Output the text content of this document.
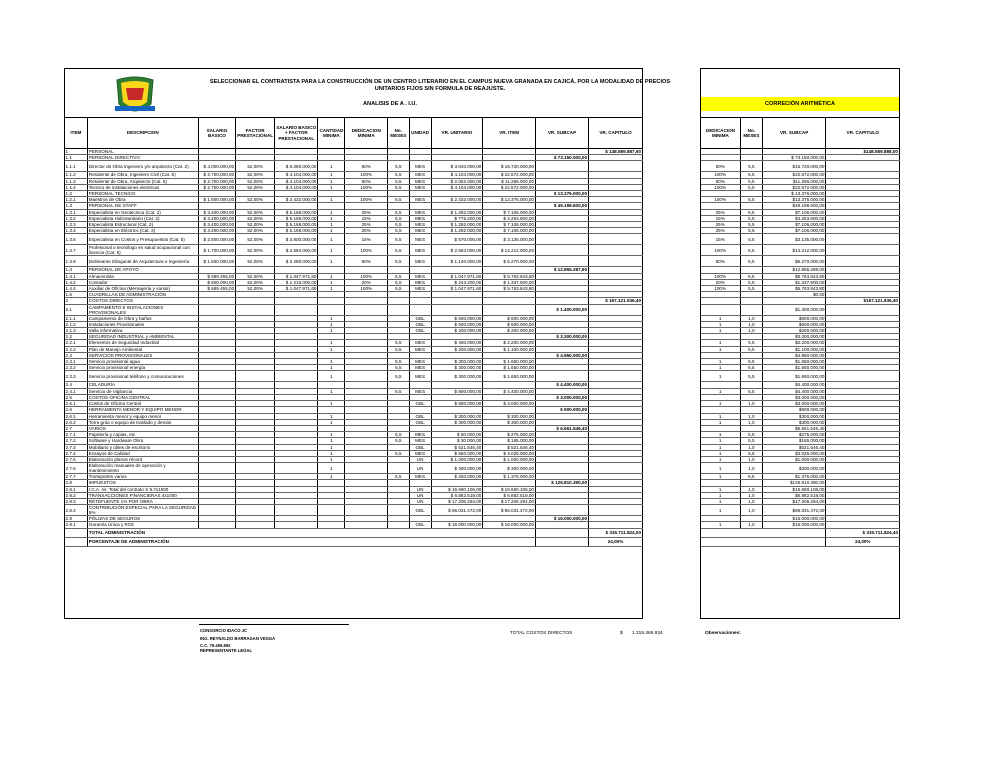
SELECCIONAR EL CONTRATISTA PARA LA CONSTRUCCIÓN DE UN CENTRO LITERARIO EN EL CAMPUS NUEVA GRANADA EN CAJICÁ, POR LA MODALIDAD DE PRECIOS UNITARIOS FIJOS SIN FORMULA DE REAJUSTE.
ANALISIS DE A . I.U.	CORRECIÓN ARITMÉTICA
ITEM	DESCRIPCION	SALARIO BASICO	FACTOR PRESTACIONAL	SALARIO BASICO + FACTOR PRESTACIONAL	CANTIDAD MINIMA	DEDICACION MINIMA	No. MESES	UNIDAD	VR. UNITARIO	VR. ITEM	VR. SUBCAP	VR. CAPITULO
1	PERSONAL											$ 148.589.887,60
1.1	PERSONAL DIRECTIVO										$ 73.150.000,00	
1.1.1	Director de Obra Ingeniero y/o arquitecto (Cat. 2)	$ 4.000.000,00	52,00%	$ 6.080.000,00	1	50%	5,5	MES	$ 3.040.000,00	$ 16.720.000,00		
1.1.2	Residente de Obra, Ingeniero Civil (Cat. 5)	$ 2.700.000,00	52,00%	$ 4.104.000,00	1	100%	5,5	MES	$ 4.104.000,00	$ 22.572.000,00		
1.1.3	Residente de Obra, Arquitecto (Cat. 5)	$ 2.700.000,00	52,00%	$ 4.104.000,00	1	50%	5,5	MES	$ 2.052.000,00	$ 11.286.000,00		
1.1.4	Tecnico de instalaciones electricas	$ 2.700.000,00	52,00%	$ 4.104.000,00	1	100%	5,5	MES	$ 4.104.000,00	$ 22.572.000,00		
1.2	PERSONAL TECNICO										$ 13.376.000,00	
1.2.1	Maestros de Obra	$ 1.600.000,00	52,00%	$ 2.432.000,00	1	100%	5,5	MES	$ 2.432.000,00	$ 13.376.000,00		
1.3	PERSONAL DE STAFF										$ 49.198.600,00	
1.3.1	Especialista en Geotecnica (Cat. 2)	$ 3.400.000,00	52,00%	$ 5.168.000,00	1	25%	5,5	MES	$ 1.292.000,00	$ 7.106.000,00		
1.3.2	Especialista Hidrosanitario (Cat. 2)	$ 3.400.000,00	52,00%	$ 5.168.000,00	1	15%	5,5	MES	$ 775.200,00	$ 4.263.600,00		
1.3.3	Especialista Estructural (Cat. 2)	$ 3.400.000,00	52,00%	$ 5.168.000,00	1	25%	5,5	MES	$ 1.292.000,00	$ 7.106.000,00		
1.3.4	Especialista en Eléctrico (Cat. 2)	$ 3.400.000,00	52,00%	$ 5.168.000,00	1	25%	5,5	MES	$ 1.292.000,00	$ 7.106.000,00		
1.3.6	Especialista en Costos y Presupuestos (Cat. 5)	$ 2.500.000,00	52,00%	$ 3.800.000,00	1	15%	5,5	MES	$ 570.000,00	$ 3.135.000,00		
1.3.7	Profesional o tecnólogo en salud ocupacional con licencia (Cat. 5)	$ 1.700.000,00	52,00%	$ 2.584.000,00	1	100%	5,5	MES	$ 2.584.000,00	$ 14.212.000,00		
1.3.8	Delineante Dibujante de Arquitectura e Ingeniería	$ 1.500.000,00	52,00%	$ 2.280.000,00	1	50%	5,5	MES	$ 1.140.000,00	$ 6.270.000,00		
1.4	PERSONAL DE APOYO										$ 12.865.287,60	
1.4.1	Almacenista	$ 689.455,00	52,00%	$ 1.047.971,60	1	100%	5,5	MES	$ 1.047.971,60	$ 5.763.843,80		
1.4.2	Contador	$ 800.000,00	52,00%	$ 1.216.000,00	1	20%	5,5	MES	$ 243.200,00	$ 1.337.600,00		
1.4.4	Auxiliar de Oficina (Mensajería y varios)	$ 689.455,00	52,00%	$ 1.047.971,60	1	100%	5,5	MES	$ 1.047.971,60	$ 5.763.843,80		
1.5	CUADRILLAS DE ADMINISTRACIÓN											
2	COSTOS DIRECTOS											$ 167.121.936,40
2.1	CAMPAMENTO E INSTALACIONES PROVISIONALES										$ 1.400.000,00	
2.1.1	Campamento de Obra y baños				1			GBL	$ 600.000,00	$ 600.000,00		
2.1.2	Instalaciones Provisionales				1			GBL	$ 600.000,00	$ 600.000,00		
2.1.3	Valla informativa				1			GBL	$ 200.000,00	$ 200.000,00		
2.2	SEGURIDAD INDUSTRIAL y AMBIENTAL										$ 3.300.000,00	
2.2.1	Elementos de Seguridad Industrial				1		5,5	MES	$ 400.000,00	$ 2.200.000,00		
2.2.2	Plan de Manejo Ambiental				1		5,5	MES	$ 200.000,00	$ 1.100.000,00		
2.3	SERVICIOS PROVISIONALES										$ 4.950.000,00	
2.3.1	Servicio provisional agua				1		5,5	MES	$ 300.000,00	$ 1.650.000,00		
2.3.2	Servicio provisional energía				1		5,5	MES	$ 300.000,00	$ 1.650.000,00		
2.3.3	Servicio provisional teléfono y comunicaciones				1		5,5	MES	$ 300.000,00	$ 1.650.000,00		
2.4	CELADURÍA										$ 4.400.000,00	
2.4.1	Servicio de Vigilancia				1		5,5	MES	$ 800.000,00	$ 4.400.000,00		
2.5	COSTOS OFICINA CENTRAL										$ 3.000.000,00	
2.5.1	Costos de Oficina Central				1			GBL	$ 800.000,00	$ 3.000.000,00		
2.6	HERRAMIENTA MENOR Y EQUIPO MENOR										$ 600.000,00	
2.6.1	Herramienta menor y equipo menor				1			GBL	$ 300.000,00	$ 300.000,00		
2.6.2	Torre grúa o equipo de traslado y demás				1			GBL	$ 300.000,00	$ 300.000,00		
2.7	VARIOS										$ 6.661.546,40	
2.7.1	Papelería y copias, etc				1		5,5	MES	$ 50.000,00	$ 275.000,00		
2.7.2	Software y Hardware Obra				1		5,5	MES	$ 30.000,00	$ 165.000,00		
2.7.3	Mobiliario y útiles de escritorio				1			GBL	$ 521.546,40	$ 521.546,40		
2.7.4	Ensayos de Calidad				1		5,5	MES	$ 550.000,00	$ 3.025.000,00		
2.7.5	Elaboración planos récord				1			UN	$ 1.000.000,00	$ 1.000.000,00		
2.7.6	Elaboración manuales de operación y mantenimiento				1			UN	$ 300.000,00	$ 300.000,00		
2.7.7	Transportes varios				1		5,5	MES	$ 250.000,00	$ 1.375.000,00		
2.8	IMPUESTOS										$ 126.810.390,00	
2.8.1	I.C.A. Ivr. Total del contrato X 9.7x1000							UN	$ 16.660.106,00	$ 16.660.106,00		
2.8.2	TRANSACCIONES FINANCIERAS 4x1000							UN	$ 6.882.518,00	$ 6.882.518,00		
2.8.3	RETEFUENTE 1% POR OBRA							UN	$ 17.206.294,00	$ 17.206.294,00		
2.8.4	CONTRIBUCIÓN ESPECIAL PARA LA SEGURIDAD 5%							GBL	$ 86.031.472,00	$ 86.031.472,00		
2.9	PÓLIZAS DE SEGUROS										$ 16.000.000,00	
2.9.1	Garantía Única y RCE							GBL	$ 16.000.000,00	$ 16.000.000,00		
	TOTAL ADMINISTRACIÓN											$ 315.711.824,00
	PORCENTAJE DE ADMINISTRACIÓN											24,00%
DEDICACION MINIMA	No. MESES	VR. SUBCAP	VR. CAPITULO
			$148.589.888,00
		$ 73.150.000,00	
50%	5,5	$16.720.000,00	
100%	5,5	$22.572.000,00	
50%	5,5	$11.286.000,00	
100%	5,5	$22.572.000,00	
		$ 13.376.000,00	
100%	5,5	$13.376.000,00	
		$49.198.600,00	
25%	5,5	$7.106.000,00	
15%	5,5	$4.263.600,00	
25%	5,5	$7.106.000,00	
25%	5,5	$7.106.000,00	
15%	5,5	$3.135.000,00	
100%	5,5	$14.212.000,00	
50%	5,5	$6.270.000,00	
		$12.865.288,00	
100%	5,5	$5.763.843,80	
20%	5,5	$1.337.600,00	
100%	5,5	$5.763.843,80	
		$0,00	
			$167.121.936,40
		$1.400.000,00	
1	1,0	$600.000,00	
1	1,0	$600.000,00	
1	1,0	$200.000,00	
		$3.300.000,00	
1	5,5	$2.200.000,00	
1	5,5	$1.100.000,00	
		$4.950.000,00	
1	5,5	$1.650.000,00	
1	5,5	$1.650.000,00	
1	5,5	$1.650.000,00	
		$4.400.000,00	
1	5,5	$4.400.000,00	
		$3.000.000,00	
1	1,0	$3.000.000,00	
		$600.000,00	
1	1,0	$300.000,00	
1	1,0	$300.000,00	
		$6.661.546,40	
1	5,5	$275.000,00	
1	5,5	$165.000,00	
1	1,0	$521.546,40	
1	5,5	$3.025.000,00	
1	1,0	$1.000.000,00	
1	1,0	$300.000,00	
1	5,5	$1.375.000,00	
		$126.810.390,00	
1	1,0	$16.660.106,00	
1	1,0	$6.882.518,00	
1	1,0	$17.206.294,00	
1	1,0	$86.031.472,00	
		$16.000.000,00	
1	1,0	$16.000.000,00	
			$ 315.711.824,40
			24,00%
TOTAL COSTOS DIRECTOS	$ 1.315.465.934	Observaciones:
CONSORCIO IDACO JC
ING. REYNALDO BARRAGAN VEGGA
C.C. 79.406.892
REPRESENTANTE LEGAL
